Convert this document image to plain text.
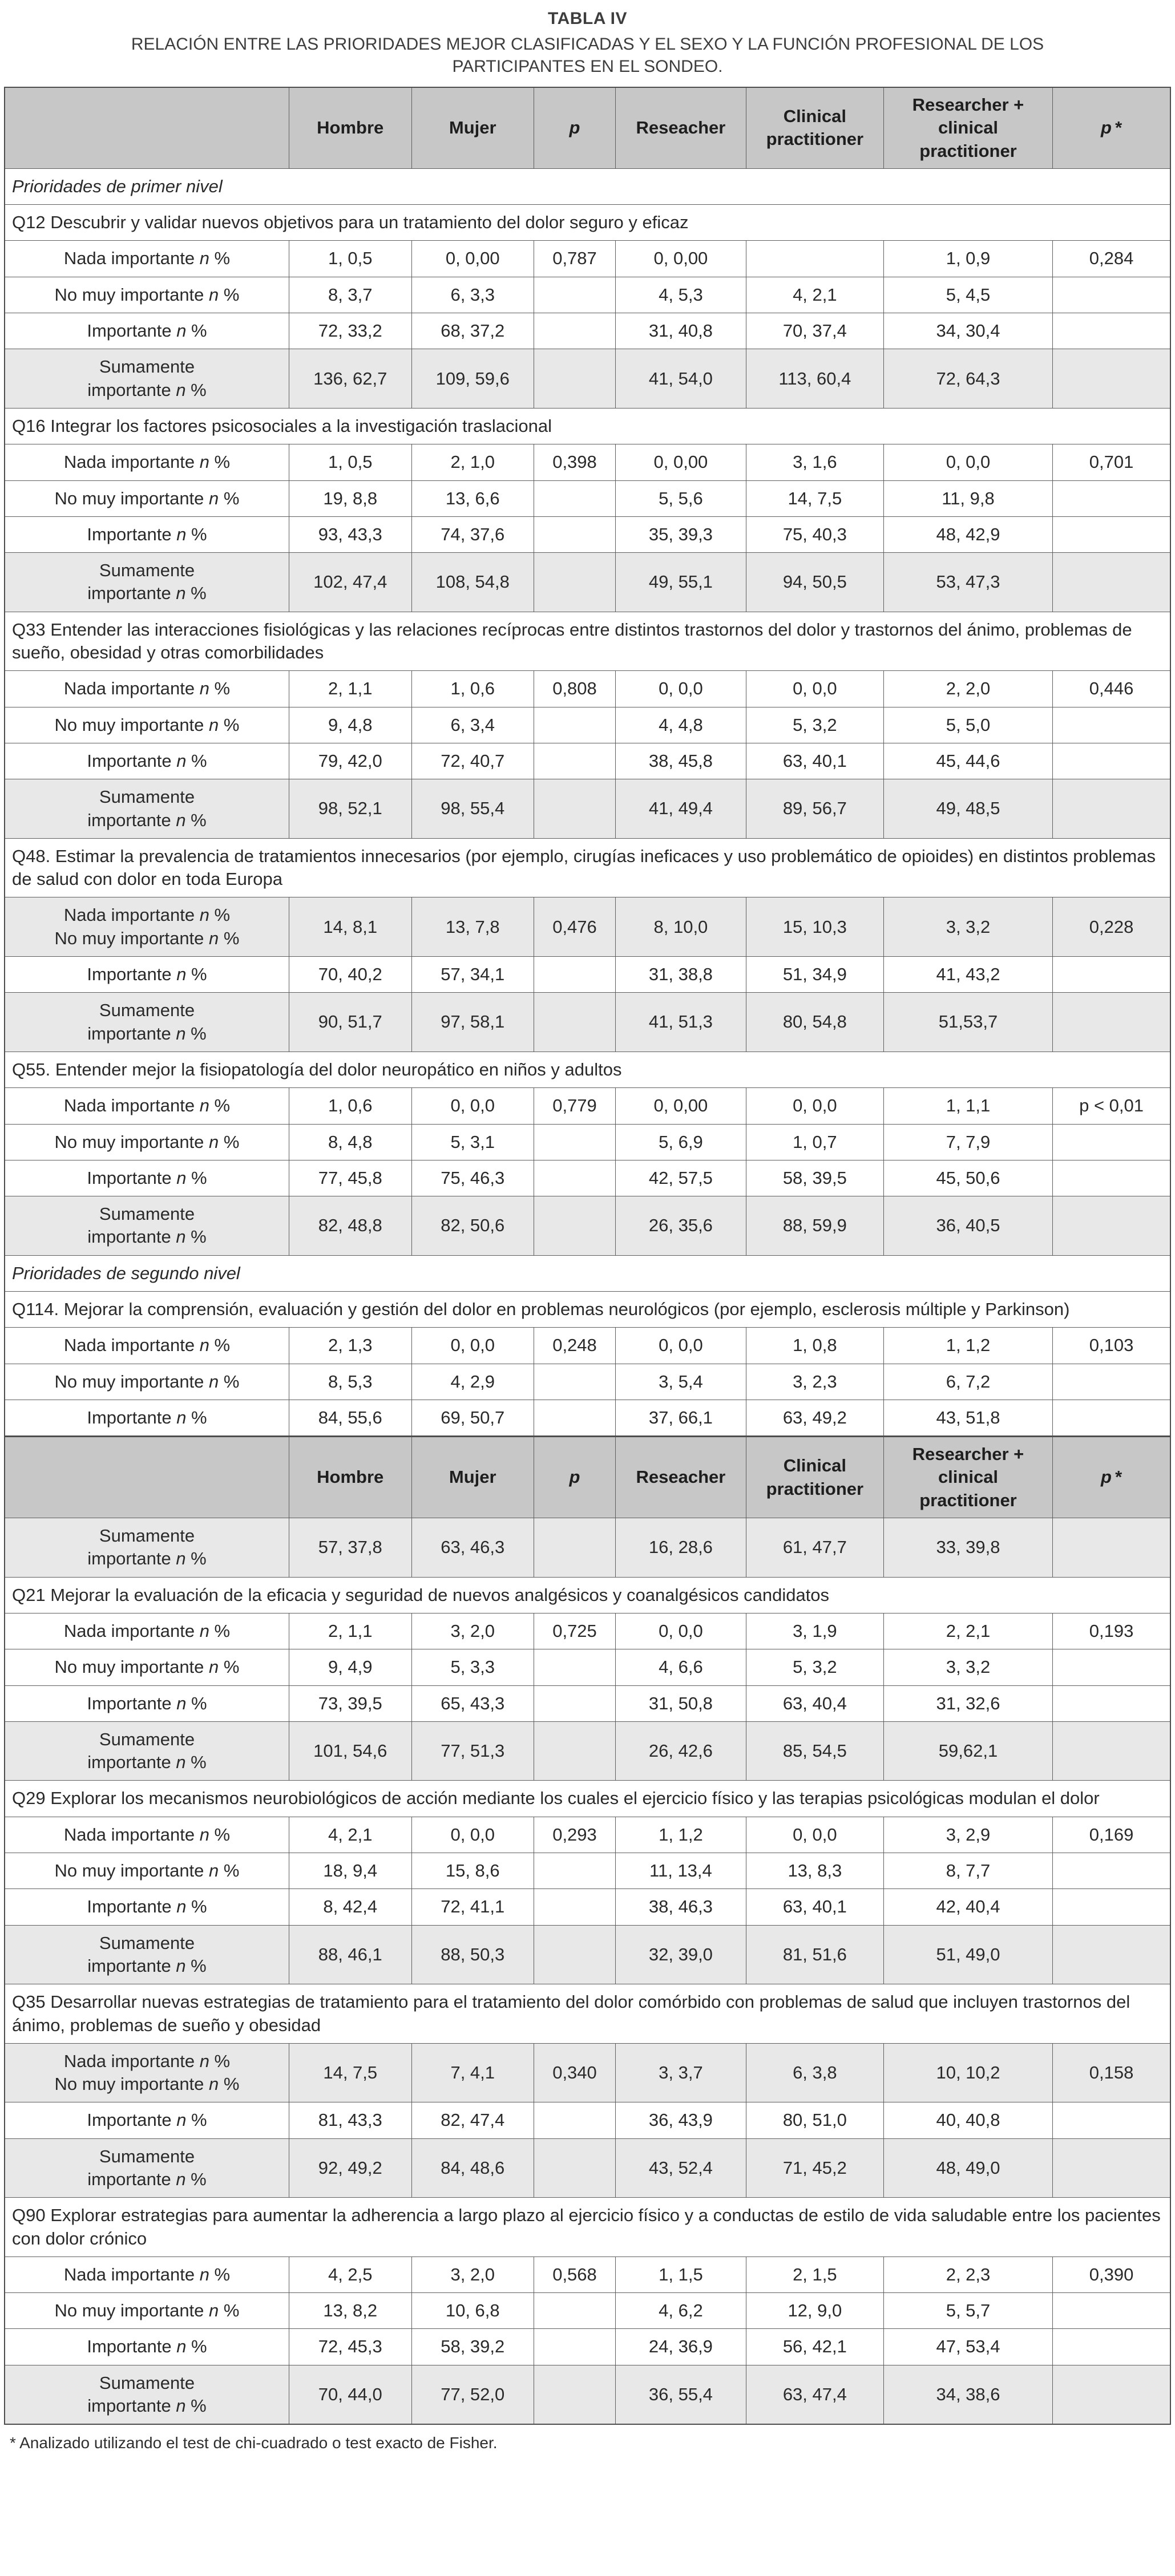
TABLA IV
RELACIÓN ENTRE LAS PRIORIDADES MEJOR CLASIFICADAS Y EL SEXO Y LA FUNCIÓN PROFESIONAL DE LOS PARTICIPANTES EN EL SONDEO.
	Hombre	Mujer	p	Reseacher	Clinical practitioner	Researcher + clinical practitioner	p *
Prioridades de primer nivel							
Q12 Descubrir y validar nuevos objetivos para un tratamiento del dolor seguro y eficaz							
Nada importante n %	1, 0,5	0, 0,00	0,787	0, 0,00		1, 0,9	0,284
No muy importante n %	8, 3,7	6, 3,3		4, 5,3	4, 2,1	5, 4,5	
Importante n %	72, 33,2	68, 37,2		31, 40,8	70, 37,4	34, 30,4	
Sumamente
importante n %	136, 62,7	109, 59,6		41, 54,0	113, 60,4	72, 64,3	
Q16 Integrar los factores psicosociales a la investigación traslacional							
Nada importante n %	1, 0,5	2, 1,0	0,398	0, 0,00	3, 1,6	0, 0,0	0,701
No muy importante n %	19, 8,8	13, 6,6		5, 5,6	14, 7,5	11, 9,8	
Importante n %	93, 43,3	74, 37,6		35, 39,3	75, 40,3	48, 42,9	
Sumamente
importante n %	102, 47,4	108, 54,8		49, 55,1	94, 50,5	53, 47,3	
Q33 Entender las interacciones fisiológicas y las relaciones recíprocas entre distintos trastornos del dolor y trastornos del ánimo, problemas de sueño, obesidad y otras comorbilidades							
Nada importante n %	2, 1,1	1, 0,6	0,808	0, 0,0	0, 0,0	2, 2,0	0,446
No muy importante n %	9, 4,8	6, 3,4		4, 4,8	5, 3,2	5, 5,0	
Importante n %	79, 42,0	72, 40,7		38, 45,8	63, 40,1	45, 44,6	
Sumamente
importante n %	98, 52,1	98, 55,4		41, 49,4	89, 56,7	49, 48,5	
Q48. Estimar la prevalencia de tratamientos innecesarios (por ejemplo, cirugías ineficaces y uso problemático de opioides) en distintos problemas de salud con dolor en toda Europa							
Nada importante n %
No muy importante n %	14, 8,1	13, 7,8	0,476	8, 10,0	15, 10,3	3, 3,2	0,228
Importante n %	70, 40,2	57, 34,1		31, 38,8	51, 34,9	41, 43,2	
Sumamente
importante n %	90, 51,7	97, 58,1		41, 51,3	80, 54,8	51,53,7	
Q55. Entender mejor la fisiopatología del dolor neuropático en niños y adultos							
Nada importante n %	1, 0,6	0, 0,0	0,779	0, 0,00	0, 0,0	1, 1,1	p < 0,01
No muy importante n %	8, 4,8	5, 3,1		5, 6,9	1, 0,7	7, 7,9	
Importante n %	77, 45,8	75, 46,3		42, 57,5	58, 39,5	45, 50,6	
Sumamente
importante n %	82, 48,8	82, 50,6		26, 35,6	88, 59,9	36, 40,5	
Prioridades de segundo nivel							
Q114. Mejorar la comprensión, evaluación y gestión del dolor en problemas neurológicos (por ejemplo, esclerosis múltiple y Parkinson)							
Nada importante n %	2, 1,3	0, 0,0	0,248	0, 0,0	1, 0,8	1, 1,2	0,103
No muy importante n %	8, 5,3	4, 2,9		3, 5,4	3, 2,3	6, 7,2	
Importante n %	84, 55,6	69, 50,7		37, 66,1	63, 49,2	43, 51,8	
	Hombre	Mujer	p	Reseacher	Clinical practitioner	Researcher + clinical practitioner	p *
Sumamente
importante n %	57, 37,8	63, 46,3		16, 28,6	61, 47,7	33, 39,8	
Q21 Mejorar la evaluación de la eficacia y seguridad de nuevos analgésicos y coanalgésicos candidatos							
Nada importante n %	2, 1,1	3, 2,0	0,725	0, 0,0	3, 1,9	2, 2,1	0,193
No muy importante n %	9, 4,9	5, 3,3		4, 6,6	5, 3,2	3, 3,2	
Importante n %	73, 39,5	65, 43,3		31, 50,8	63, 40,4	31, 32,6	
Sumamente
importante n %	101, 54,6	77, 51,3		26, 42,6	85, 54,5	59,62,1	
Q29 Explorar los mecanismos neurobiológicos de acción mediante los cuales el ejercicio físico y las terapias psicológicas modulan el dolor							
Nada importante n %	4, 2,1	0, 0,0	0,293	1, 1,2	0, 0,0	3, 2,9	0,169
No muy importante n %	18, 9,4	15, 8,6		11, 13,4	13, 8,3	8, 7,7	
Importante n %	8, 42,4	72, 41,1		38, 46,3	63, 40,1	42, 40,4	
Sumamente
importante n %	88, 46,1	88, 50,3		32, 39,0	81, 51,6	51, 49,0	
Q35 Desarrollar nuevas estrategias de tratamiento para el tratamiento del dolor comórbido con problemas de salud que incluyen trastornos del ánimo, problemas de sueño y obesidad							
Nada importante n %
No muy importante n %	14, 7,5	7, 4,1	0,340	3, 3,7	6, 3,8	10, 10,2	0,158
Importante n %	81, 43,3	82, 47,4		36, 43,9	80, 51,0	40, 40,8	
Sumamente
importante n %	92, 49,2	84, 48,6		43, 52,4	71, 45,2	48, 49,0	
Q90 Explorar estrategias para aumentar la adherencia a largo plazo al ejercicio físico y a conductas de estilo de vida saludable entre los pacientes con dolor crónico							
Nada importante n %	4, 2,5	3, 2,0	0,568	1, 1,5	2, 1,5	2, 2,3	0,390
No muy importante n %	13, 8,2	10, 6,8		4, 6,2	12, 9,0	5, 5,7	
Importante n %	72, 45,3	58, 39,2		24, 36,9	56, 42,1	47, 53,4	
Sumamente
importante n %	70, 44,0	77, 52,0		36, 55,4	63, 47,4	34, 38,6	
* Analizado utilizando el test de chi-cuadrado o test exacto de Fisher.
